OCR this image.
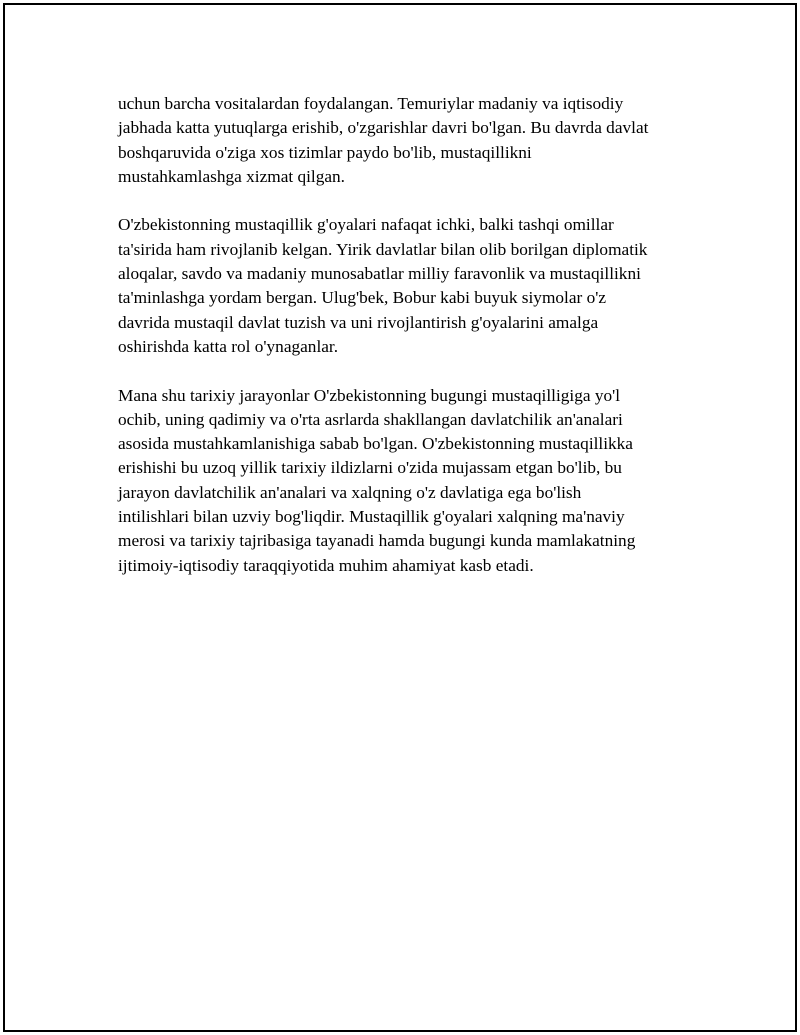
uchun barcha vositalardan foydalangan. Temuriylar madaniy va iqtisodiy
jabhada katta yutuqlarga erishib, o'zgarishlar davri bo'lgan. Bu davrda davlat
boshqaruvida o'ziga xos tizimlar paydo bo'lib, mustaqillikni
mustahkamlashga xizmat qilgan.

O'zbekistonning mustaqillik g'oyalari nafaqat ichki, balki tashqi omillar
ta'sirida ham rivojlanib kelgan. Yirik davlatlar bilan olib borilgan diplomatik
aloqalar, savdo va madaniy munosabatlar milliy faravonlik va mustaqillikni
ta'minlashga yordam bergan. Ulug'bek, Bobur kabi buyuk siymolar o'z
davrida mustaqil davlat tuzish va uni rivojlantirish g'oyalarini amalga
oshirishda katta rol o'ynaganlar.

Mana shu tarixiy jarayonlar O'zbekistonning bugungi mustaqilligiga yo'l
ochib, uning qadimiy va o'rta asrlarda shakllangan davlatchilik an'analari
asosida mustahkamlanishiga sabab bo'lgan. O'zbekistonning mustaqillikka
erishishi bu uzoq yillik tarixiy ildizlarni o'zida mujassam etgan bo'lib, bu
jarayon davlatchilik an'analari va xalqning o'z davlatiga ega bo'lish
intilishlari bilan uzviy bog'liqdir. Mustaqillik g'oyalari xalqning ma'naviy
merosi va tarixiy tajribasiga tayanadi hamda bugungi kunda mamlakatning
ijtimoiy-iqtisodiy taraqqiyotida muhim ahamiyat kasb etadi.
